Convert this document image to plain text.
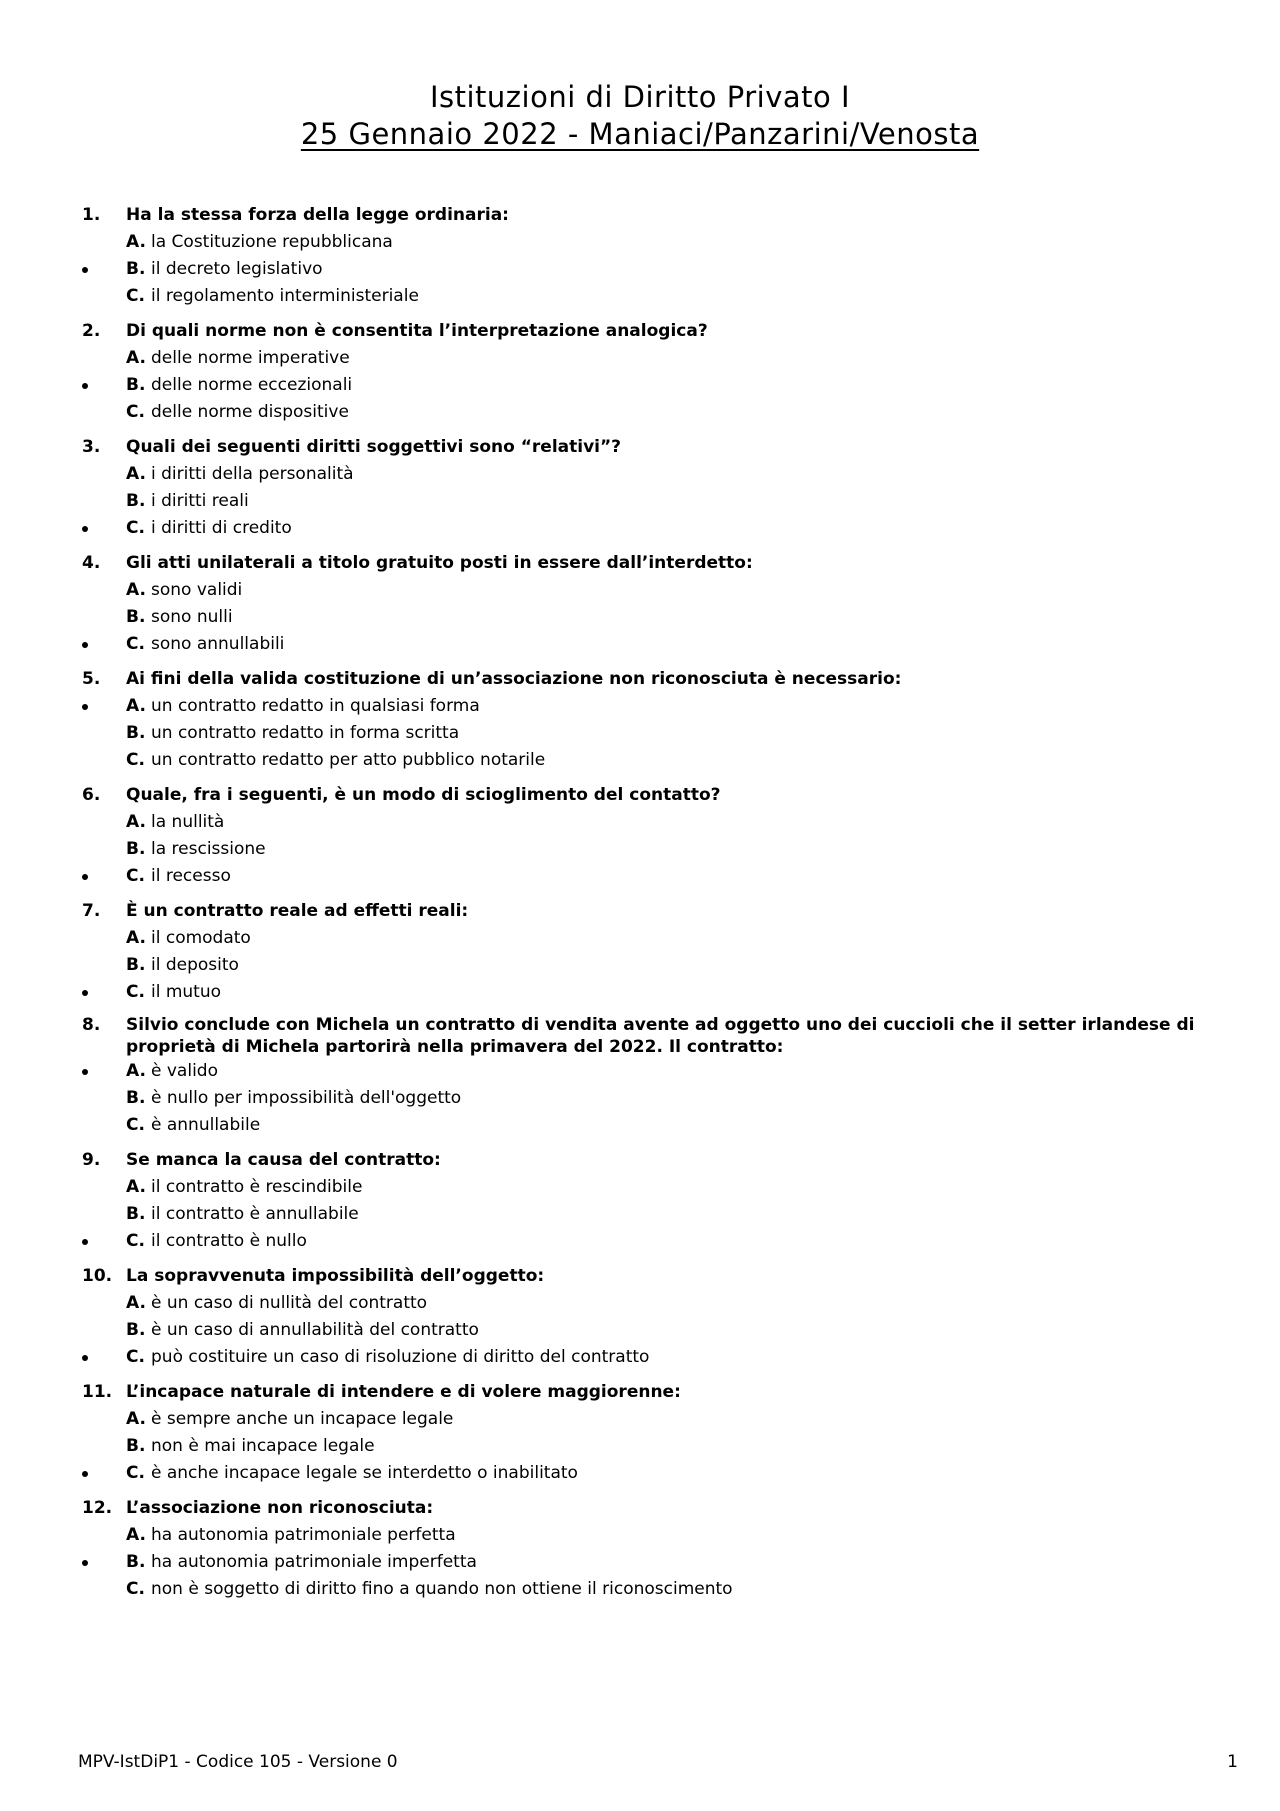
Istituzioni di Diritto Privato I
25 Gennaio 2022 - Maniaci/Panzarini/Venosta
1.	Ha la stessa forza della legge ordinaria:
A. la Costituzione repubblicana
B. il decreto legislativo
C. il regolamento interministeriale
2.	Di quali norme non è consentita l’interpretazione analogica?
A. delle norme imperative
B. delle norme eccezionali
C. delle norme dispositive
3.	Quali dei seguenti diritti soggettivi sono “relativi”?
A. i diritti della personalità
B. i diritti reali
C. i diritti di credito
4.	Gli atti unilaterali a titolo gratuito posti in essere dall’interdetto:
A. sono validi
B. sono nulli
C. sono annullabili
5.	Ai fini della valida costituzione di un’associazione non riconosciuta è necessario:
A. un contratto redatto in qualsiasi forma
B. un contratto redatto in forma scritta
C. un contratto redatto per atto pubblico notarile
6.	Quale, fra i seguenti, è un modo di scioglimento del contatto?
A. la nullità
B. la rescissione
C. il recesso
7.	È un contratto reale ad effetti reali:
A. il comodato
B. il deposito
C. il mutuo
8.	Silvio conclude con Michela un contratto di vendita avente ad oggetto uno dei cuccioli che il setter irlandese di proprietà di Michela partorirà nella primavera del 2022. Il contratto:
A. è valido
B. è nullo per impossibilità dell'oggetto
C. è annullabile
9.	Se manca la causa del contratto:
A. il contratto è rescindibile
B. il contratto è annullabile
C. il contratto è nullo
10. La sopravvenuta impossibilità dell’oggetto:
A. è un caso di nullità del contratto
B. è un caso di annullabilità del contratto
C. può costituire un caso di risoluzione di diritto del contratto
11. L’incapace naturale di intendere e di volere maggiorenne:
A. è sempre anche un incapace legale
B. non è mai incapace legale
C. è anche incapace legale se interdetto o inabilitato
12. L’associazione non riconosciuta:
A. ha autonomia patrimoniale perfetta
B. ha autonomia patrimoniale imperfetta
C. non è soggetto di diritto fino a quando non ottiene il riconoscimento
MPV-IstDiP1 - Codice 105 - Versione 0	1
